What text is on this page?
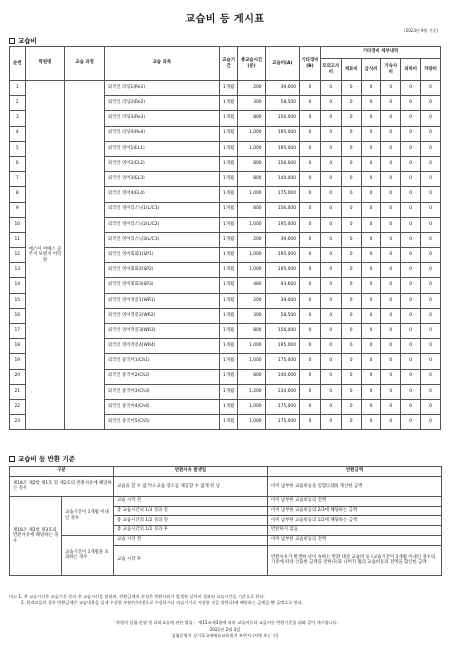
교습비 등 게시표
(2023년 9월 기준)
교습비
순번	학원명	교습 과정	교습 과목	교습기간	총교습시간(분)	교습비(A)	기타경비(B)	기타경비 세부내역					
								모의고사비	재료비	급식비	기숙사비	피복비	차량비
1	에스이 어메스 공주지 보변지 어학원		외국인 리딩1(Re1)	1개월	200	39,000	0	0	0	0	0	0	0
2			외국인 리딩2(Re2)	1개월	300	58,500	0	0	0	0	0	0	0
3			외국인 리딩3(Re3)	1개월	800	156,000	0	0	0	0	0	0	0
4			외국인 리딩4(Re4)	1개월	1,000	195,000	0	0	0	0	0	0	0
5			외국인 영어1(EL1)	1개월	1,000	195,000	0	0	0	0	0	0	0
6			외국인 영어2(EL2)	1개월	800	156,000	0	0	0	0	0	0	0
7			외국인 영어3(EL3)	1개월	800	140,000	0	0	0	0	0	0	0
8			외국인 영어4(EL4)	1개월	1,000	175,000	0	0	0	0	0	0	0
9			외국인 영어리스닝1(L/C1)	1개월	800	156,000	0	0	0	0	0	0	0
10			외국인 영어리스닝2(L/C2)	1개월	1,000	195,000	0	0	0	0	0	0	0
11			외국인 영어리스닝3(L/C3)	1개월	200	39,000	0	0	0	0	0	0	0
12			외국인 영어회화1(SP1)	1개월	1,000	195,000	0	0	0	0	0	0	0
13			외국인 영어회화2(SP2)	1개월	1,000	195,000	0	0	0	0	0	0	0
14			외국인 영어회화3(SP3)	1개월	480	93,600	0	0	0	0	0	0	0
15			외국인 영어작문1(WR1)	1개월	200	39,000	0	0	0	0	0	0	0
16			외국인 영어작문2(WR2)	1개월	300	58,500	0	0	0	0	0	0	0
17			외국인 영어작문3(WR3)	1개월	800	156,000	0	0	0	0	0	0	0
18			외국인 영어작문4(WR4)	1개월	1,000	195,000	0	0	0	0	0	0	0
19			외국인 중국어1(Ch1)	1개월	1,000	175,000	0	0	0	0	0	0	0
20			외국인 중국어2(Ch2)	1개월	800	140,000	0	0	0	0	0	0	0
21			외국인 중국어3(Ch3)	1개월	1,200	234,000	0	0	0	0	0	0	0
22			외국인 중국어4(Ch4)	1개월	1,000	175,000	0	0	0	0	0	0	0
23			외국인 중국어5(Ch5)	1개월	1,000	175,000	0	0	0	0	0	0	0
교습비 등 반환 기준
구분		반환사유 발생일	반환금액
제18조 제2항 제1호 및 제2호의 반환사유에 해당하는 경우		교습을 할 수 없거나 교습 장소를 제공할 수 없게 된 날	이미 납부한 교습비등을 일할(日割) 계산한 금액
제18조 제2항 제3호의 반환사유에 해당하는 경우	교습기간이 1개월 이내인 경우	교습 시작 전	이미 납부한 교습비등의 전액
		총 교습시간의 1/3 경과 전	이미 납부한 교습비등의 2/3에 해당하는 금액
		총 교습시간의 1/2 경과 전	이미 납부한 교습비등의 1/2에 해당하는 금액
		총 교습시간의 1/2 경과 후	반환하지 않음
	교습기간이 1개월을 초과하는 경우	교습 시작 전	이미 납부한 교습비등의 전액
		교습 시작 후	반환사유가 발생한 날이 속하는 반환 대상 교습비 등 (교습기간이 1개월 이내인 경우의 기준에 따라 산출한 금액을 말한다)과 나머지 월의 교습비등의 전액을 합산한 금액
비고 1. 총 교습시간은 교습기간 중의 총 교습시간을 말하며, 반환금액의 산정은 반환사유가 발생한 날까지 경과된 교습시간을 기준으로 한다.
2. 원격교습의 경우 반환금액은 교습내용을 실제 수강한 부분(인터넷으로 수강하거나 되습기기로 저장한 것을 말한다)에 해당하는 금액을 뺀 금액으로 한다.
「학원의 설립·운영 및 과외교습에 관한 법률」 제15조제3항에 따라 교습비등과 교습비등 반환기준을 위와 같이 게시합니다.
2021년 2월 3일
설립운영자 성기호국제에듀교육원지 보변지 (서명 또는 인)
